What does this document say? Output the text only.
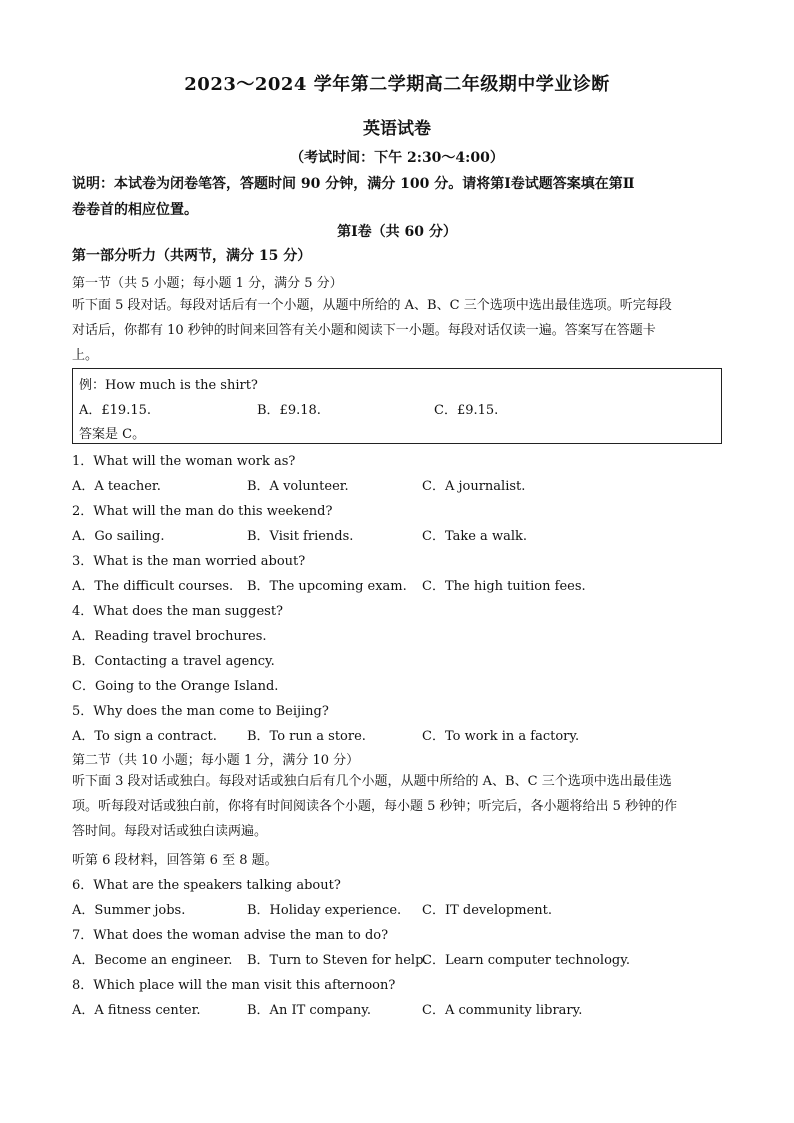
2023～2024 学年第二学期高二年级期中学业诊断
英语试卷
（考试时间：下午 2:30～4:00）
说明：本试卷为闭卷笔答，答题时间 90 分钟，满分 100 分。请将第Ⅰ卷试题答案填在第Ⅱ
卷卷首的相应位置。
第Ⅰ卷（共 60 分）
第一部分听力（共两节，满分 15 分）
第一节（共 5 小题；每小题 1 分，满分 5 分）
听下面 5 段对话。每段对话后有一个小题，从题中所给的 A、B、C 三个选项中选出最佳选项。听完每段
对话后，你都有 10 秒钟的时间来回答有关小题和阅读下一小题。每段对话仅读一遍。答案写在答题卡
上。
例：How much is the shirt?
A．£19.15.	B．£9.18.	C．£9.15.
答案是 C。
1．What will the woman work as?
A．A teacher.	B．A volunteer.	C．A journalist.
2．What will the man do this weekend?
A．Go sailing.	B．Visit friends.	C．Take a walk.
3．What is the man worried about?
A．The difficult courses. B．The upcoming exam. C．The high tuition fees.
4．What does the man suggest?
A．Reading travel brochures.
B．Contacting a travel agency.
C．Going to the Orange Island.
5．Why does the man come to Beijing?
A．To sign a contract. B．To run a store.	C．To work in a factory.
第二节（共 10 小题；每小题 1 分，满分 10 分）
听下面 3 段对话或独白。每段对话或独白后有几个小题，从题中所给的 A、B、C 三个选项中选出最佳选
项。听每段对话或独白前，你将有时间阅读各个小题，每小题 5 秒钟；听完后，各小题将给出 5 秒钟的作
答时间。每段对话或独白读两遍。
听第 6 段材料，回答第 6 至 8 题。
6．What are the speakers talking about?
A．Summer jobs.	B．Holiday experience. C．IT development.
7．What does the woman advise the man to do?
A．Become an engineer. B．Turn to Steven for help.
C．Learn computer technology.
8．Which place will the man visit this afternoon?
A．A fitness center.	B．An IT company.	C．A community library.
